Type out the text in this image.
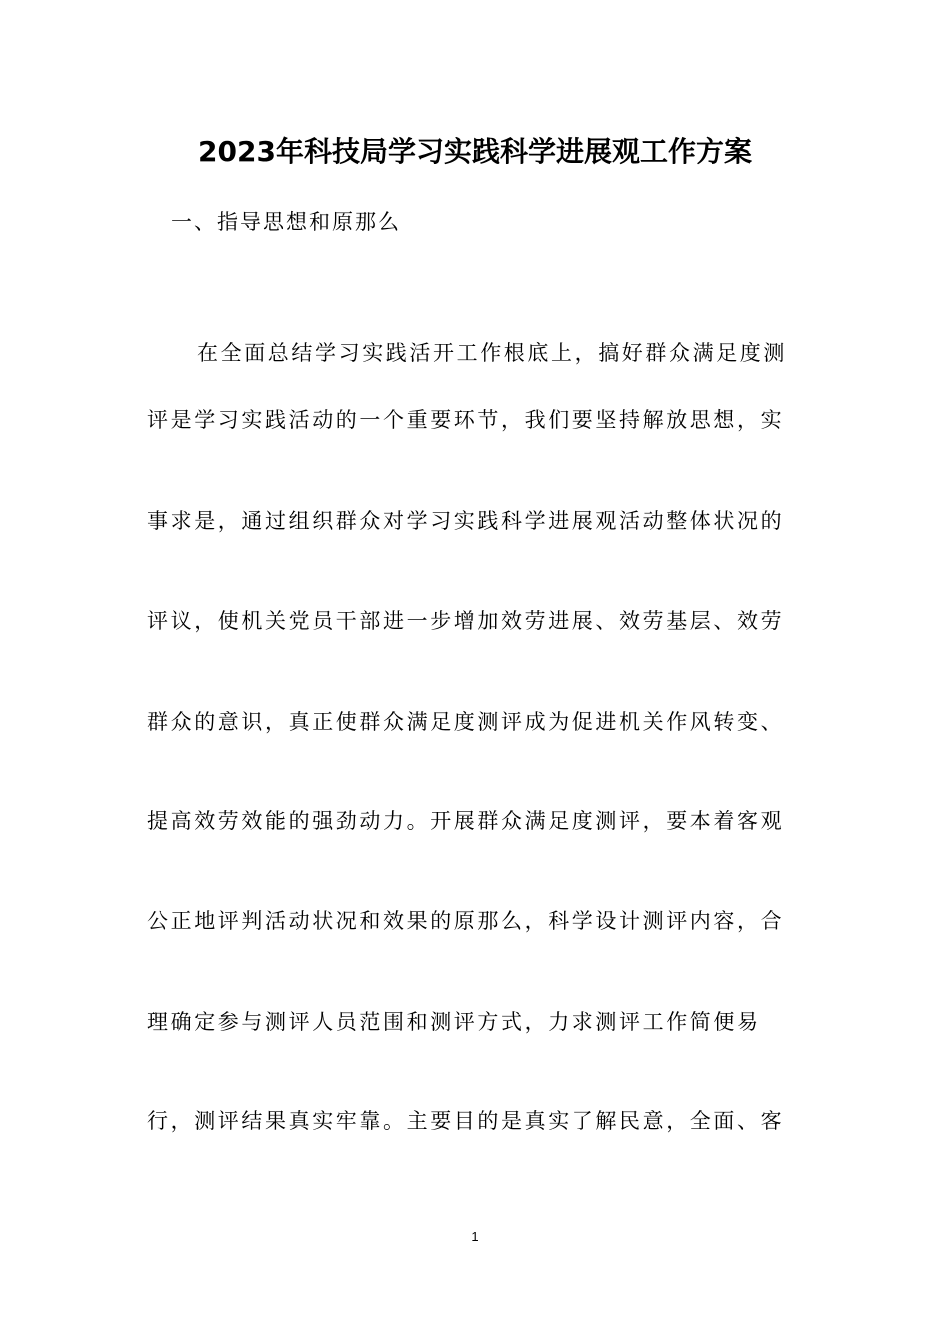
2023年科技局学习实践科学进展观工作方案
一、指导思想和原那么
在全面总结学习实践活开工作根底上，搞好群众满足度测
评是学习实践活动的一个重要环节，我们要坚持解放思想，实
事求是，通过组织群众对学习实践科学进展观活动整体状况的
评议，使机关党员干部进一步增加效劳进展、效劳基层、效劳
群众的意识，真正使群众满足度测评成为促进机关作风转变、
提高效劳效能的强劲动力。开展群众满足度测评，要本着客观
公正地评判活动状况和效果的原那么，科学设计测评内容，合
理确定参与测评人员范围和测评方式，力求测评工作简便易
行，测评结果真实牢靠。主要目的是真实了解民意，全面、客
1
